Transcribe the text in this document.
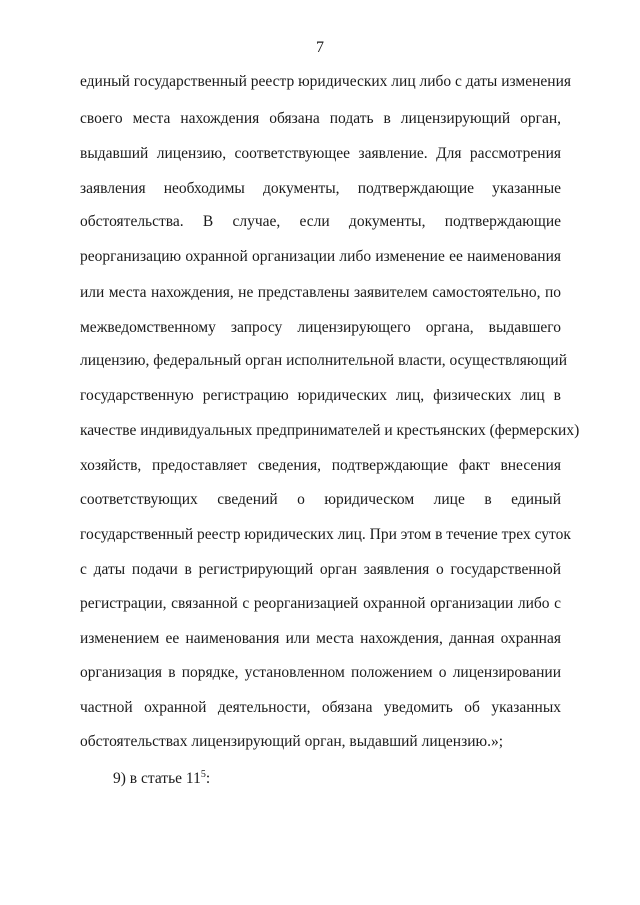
7
единый государственный реестр юридических лиц либо с даты изменения
своего места нахождения обязана подать в лицензирующий орган,
выдавший лицензию, соответствующее заявление. Для рассмотрения
заявления необходимы документы, подтверждающие указанные
обстоятельства. В случае, если документы, подтверждающие
реорганизацию охранной организации либо изменение ее наименования
или места нахождения, не представлены заявителем самостоятельно, по
межведомственному запросу лицензирующего органа, выдавшего
лицензию, федеральный орган исполнительной власти, осуществляющий
государственную регистрацию юридических лиц, физических лиц в
качестве индивидуальных предпринимателей и крестьянских (фермерских)
хозяйств, предоставляет сведения, подтверждающие факт внесения
соответствующих сведений о юридическом лице в единый
государственный реестр юридических лиц. При этом в течение трех суток
с даты подачи в регистрирующий орган заявления о государственной
регистрации, связанной с реорганизацией охранной организации либо с
изменением ее наименования или места нахождения, данная охранная
организация в порядке, установленном положением о лицензировании
частной охранной деятельности, обязана уведомить об указанных
обстоятельствах лицензирующий орган, выдавший лицензию.»;
9) в статье $11^5$:
